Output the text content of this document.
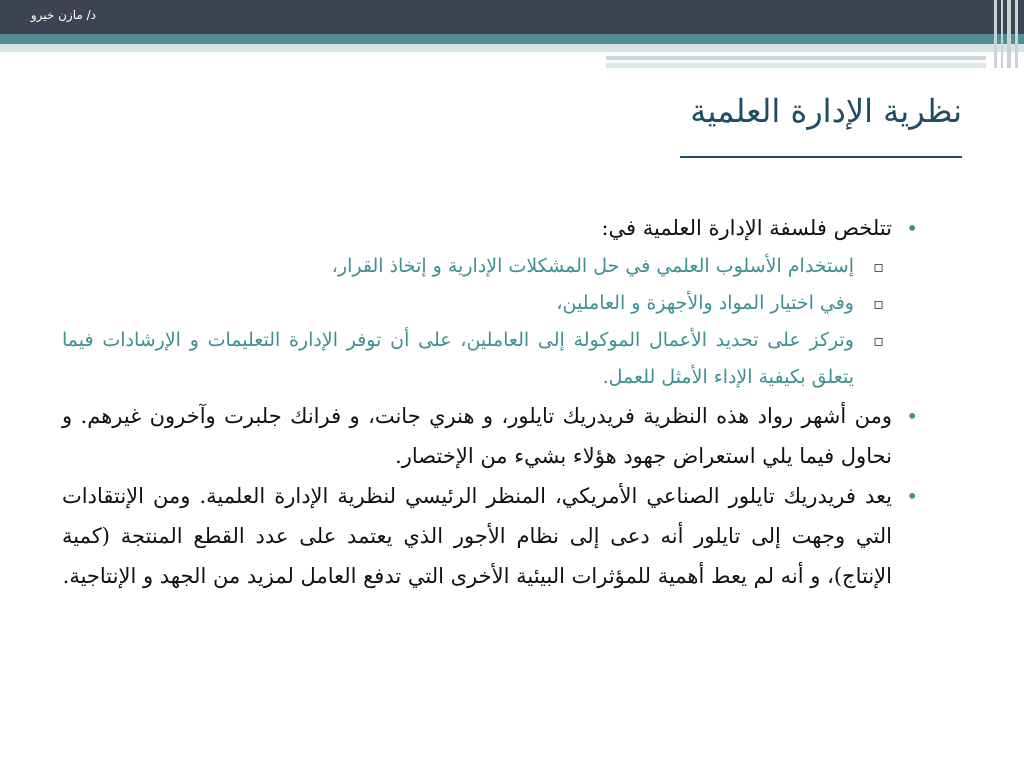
د/ مازن خيرو
نظرية الإدارة العلمية

•
تتلخص فلسفة الإدارة العلمية في:

▫
إستخدام الأسلوب العلمي في حل المشكلات الإدارية و إتخاذ القرار،

▫
وفي اختيار المواد والأجهزة و العاملين،

▫
وتركز على تحديد الأعمال الموكولة إلى العاملين، على أن توفر الإدارة التعليمات و الإرشادات فيما يتعلق بكيفية الإداء الأمثل للعمل.

•
ومن أشهر رواد هذه النظرية فريدريك تايلور، و هنري جانت، و فرانك جلبرت وآخرون غيرهم. و نحاول فيما يلي استعراض جهود هؤلاء بشيء من الإختصار.

•
يعد فريدريك تايلور الصناعي الأمريكي، المنظر الرئيسي لنظرية الإدارة العلمية. ومن الإنتقادات التي وجهت إلى تايلور أنه دعى إلى نظام الأجور الذي يعتمد على عدد القطع المنتجة (كمية الإنتاج)، و أنه لم يعط أهمية للمؤثرات البيئية الأخرى التي تدفع العامل لمزيد من الجهد و الإنتاجية.
